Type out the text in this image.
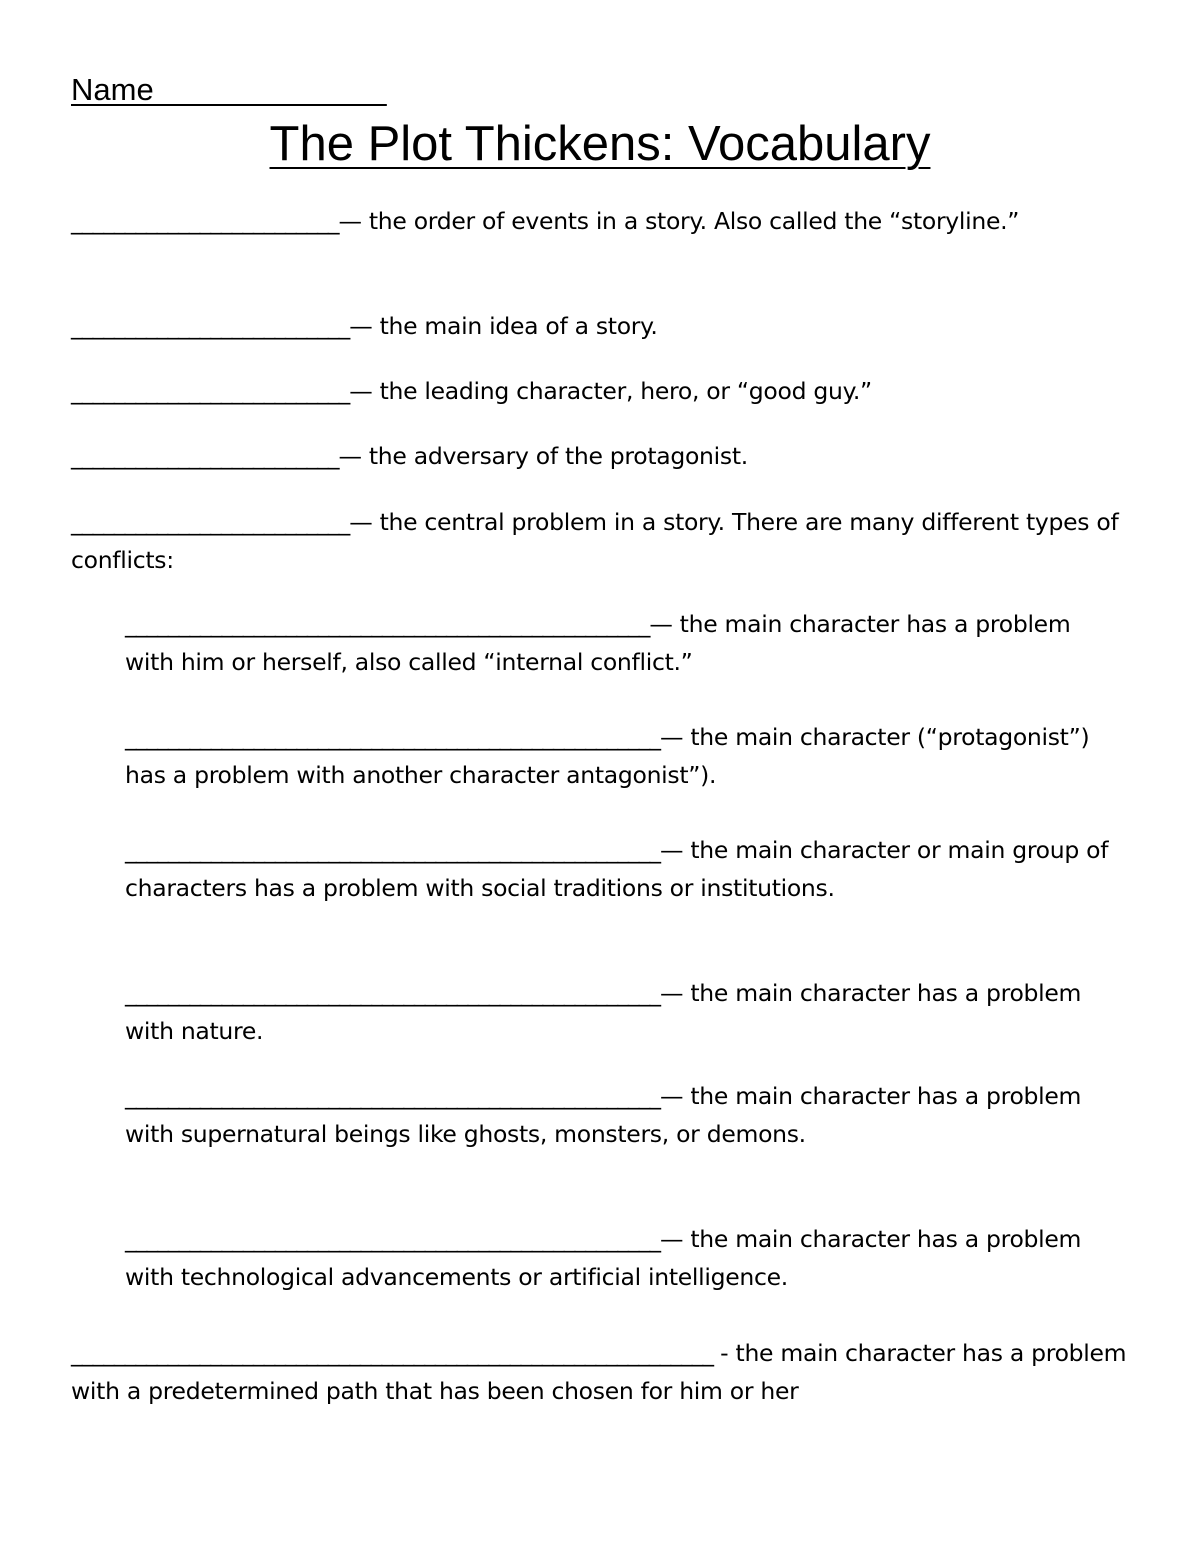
Name _____________
The Plot Thickens: Vocabulary
_________________________— the order of events in a story. Also called the “storyline.”
__________________________— the main idea of a story.
__________________________— the leading character, hero, or “good guy.”
_________________________— the adversary of the protagonist.
__________________________— the central problem in a story. There are many different types of conflicts:
_________________________________________________— the main character has a problem with him or herself, also called “internal conflict.”
__________________________________________________— the main character (“protagonist”) has a problem with another character antagonist”).
__________________________________________________— the main character or main group of characters has a problem with social traditions or institutions.
__________________________________________________— the main character has a problem with nature.
__________________________________________________— the main character has a problem with supernatural beings like ghosts, monsters, or demons.
__________________________________________________— the main character has a problem with technological advancements or artificial intelligence.
____________________________________________________________ - the main character has a problem with a predetermined path that has been chosen for him or her
